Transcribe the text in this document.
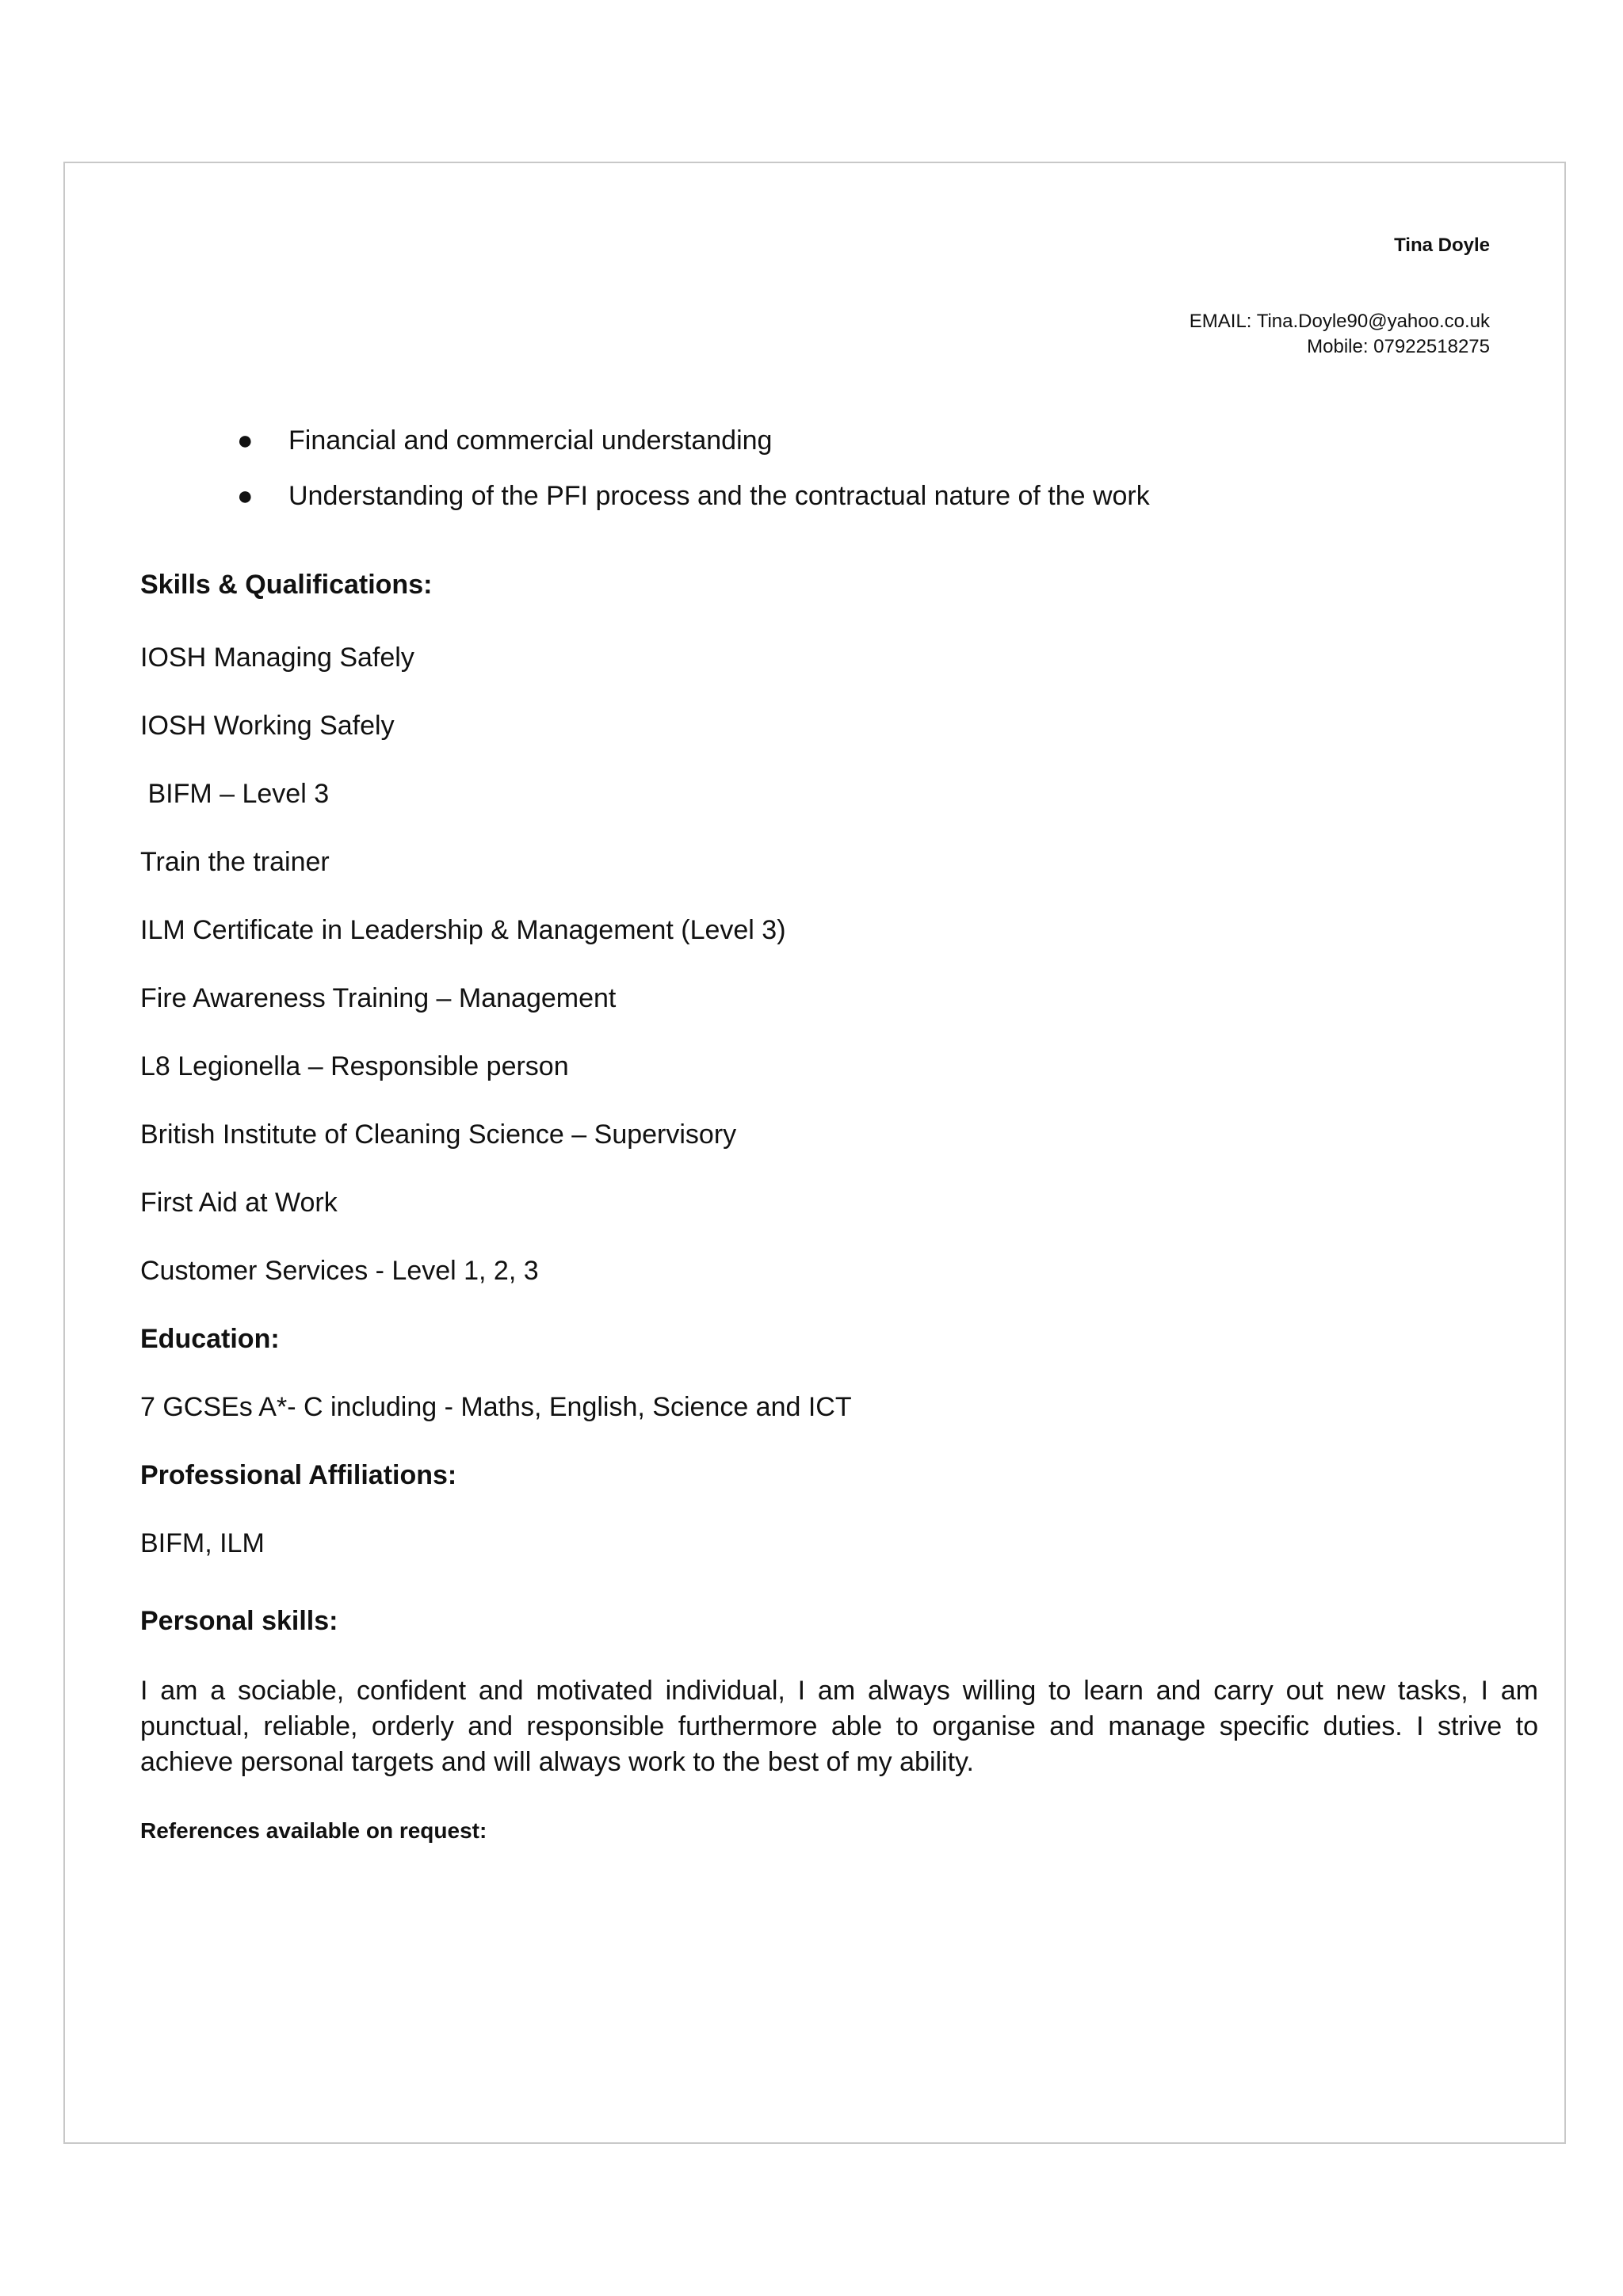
Tina Doyle
EMAIL: Tina.Doyle90@yahoo.co.uk
Mobile: 07922518275
● Financial and commercial understanding
● Understanding of the PFI process and the contractual nature of the work

Skills & Qualifications:

IOSH Managing Safely

IOSH Working Safely

BIFM – Level 3

Train the trainer

ILM Certificate in Leadership & Management (Level 3)

Fire Awareness Training – Management

L8 Legionella – Responsible person

British Institute of Cleaning Science – Supervisory

First Aid at Work

Customer Services - Level 1, 2, 3

Education:

7 GCSEs A*- C including - Maths, English, Science and ICT

Professional Affiliations:

BIFM, ILM

Personal skills:

I am a sociable, confident and motivated individual, I am always willing to learn and carry out new tasks, I am punctual, reliable, orderly and responsible furthermore able to organise and manage specific duties. I strive to achieve personal targets and will always work to the best of my ability.

References available on request:
